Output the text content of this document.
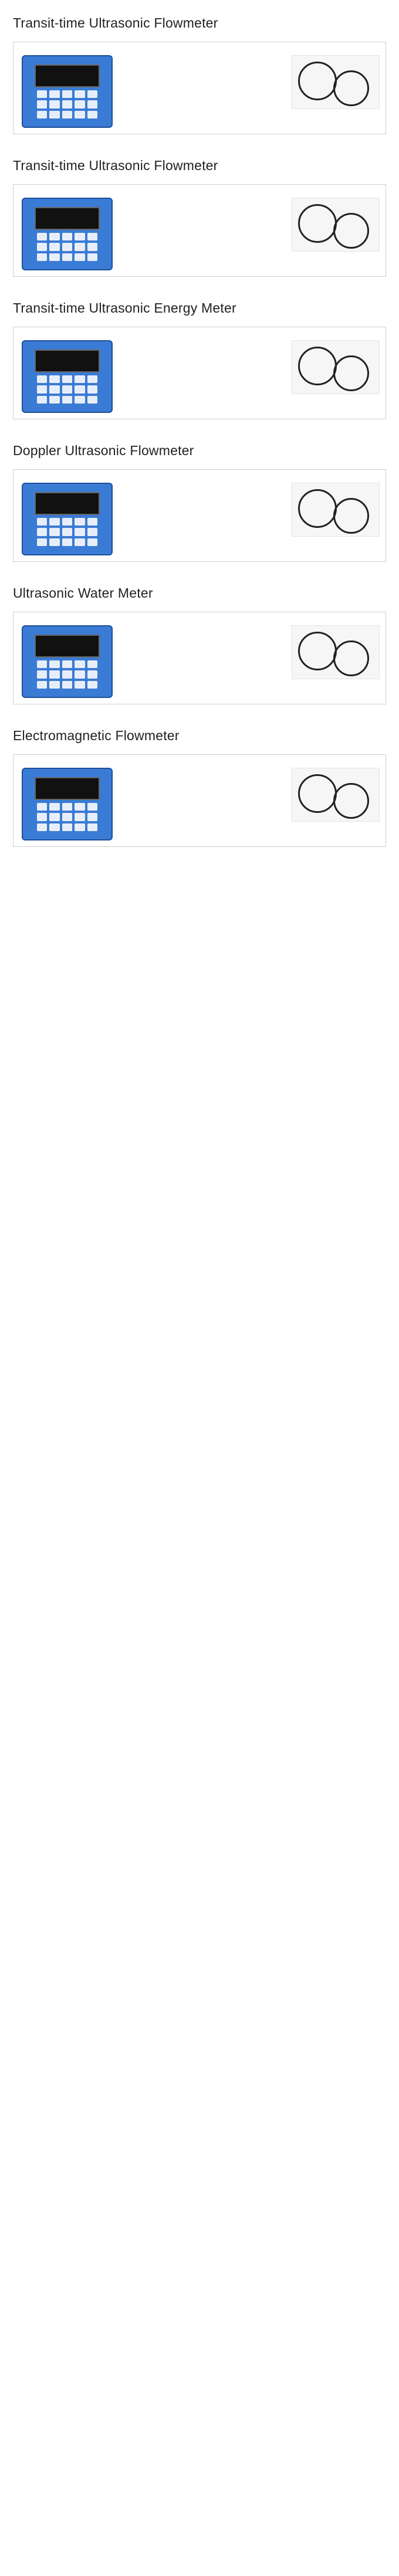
Transit-time Ultrasonic Flowmeter
Transit-time Ultrasonic Flowmeter
Transit-time Ultrasonic Energy Meter
Doppler Ultrasonic Flowmeter
Ultrasonic Water Meter
Electromagnetic Flowmeter
